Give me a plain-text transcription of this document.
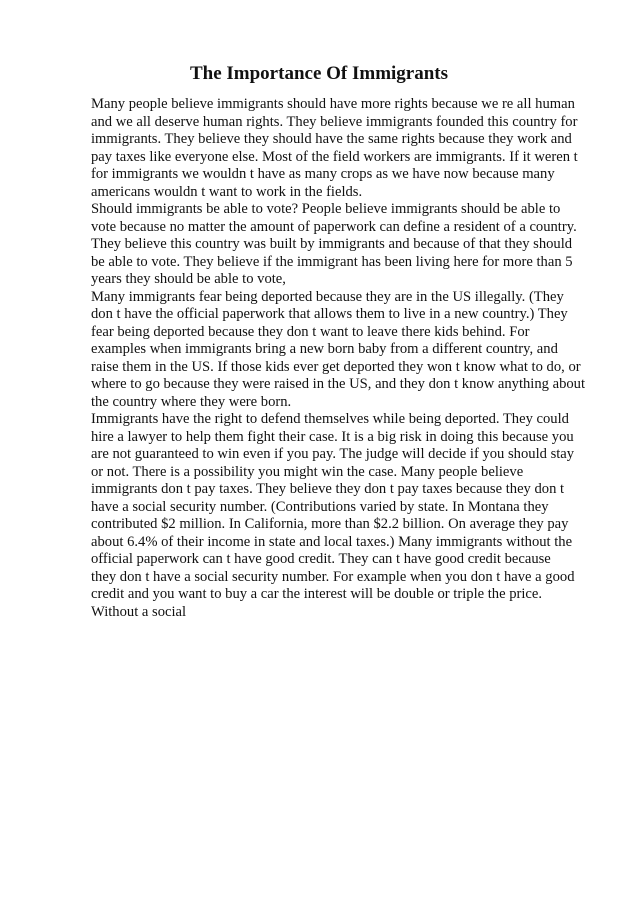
The Importance Of Immigrants
Many people believe immigrants should have more rights because we re all human
and we all deserve human rights. They believe immigrants founded this country for
immigrants. They believe they should have the same rights because they work and
pay taxes like everyone else. Most of the field workers are immigrants. If it weren t
for immigrants we wouldn t have as many crops as we have now because many
americans wouldn t want to work in the fields.
Should immigrants be able to vote? People believe immigrants should be able to
vote because no matter the amount of paperwork can define a resident of a country.
They believe this country was built by immigrants and because of that they should
be able to vote. They believe if the immigrant has been living here for more than 5
years they should be able to vote,
Many immigrants fear being deported because they are in the US illegally. (They
don t have the official paperwork that allows them to live in a new country.) They
fear being deported because they don t want to leave there kids behind. For
examples when immigrants bring a new born baby from a different country, and
raise them in the US. If those kids ever get deported they won t know what to do, or
where to go because they were raised in the US, and they don t know anything about
the country where they were born.
Immigrants have the right to defend themselves while being deported. They could
hire a lawyer to help them fight their case. It is a big risk in doing this because you
are not guaranteed to win even if you pay. The judge will decide if you should stay
or not. There is a possibility you might win the case. Many people believe
immigrants don t pay taxes. They believe they don t pay taxes because they don t
have a social security number. (Contributions varied by state. In Montana they
contributed $2 million. In California, more than $2.2 billion. On average they pay
about 6.4% of their income in state and local taxes.) Many immigrants without the
official paperwork can t have good credit. They can t have good credit because
they don t have a social security number. For example when you don t have a good
credit and you want to buy a car the interest will be double or triple the price.
Without a social
